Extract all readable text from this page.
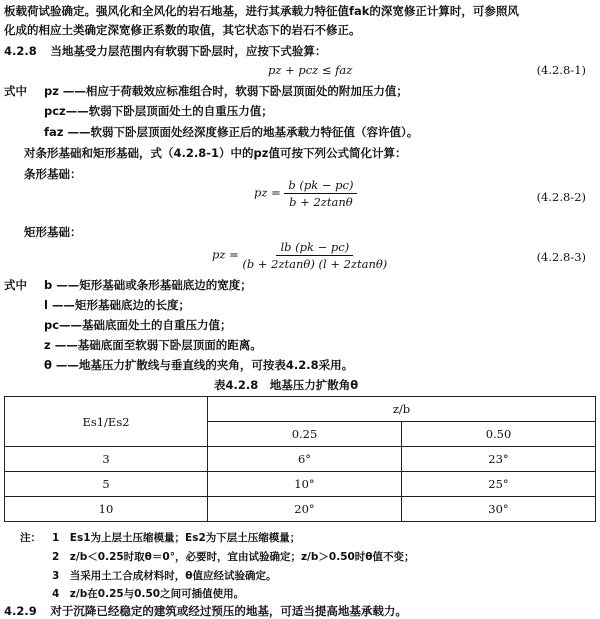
板载荷试验确定。强风化和全风化的岩石地基，进行其承载力特征值fak的深宽修正计算时，可参照风
化成的相应土类确定深宽修正系数的取值，其它状态下的岩石不修正。
4.2.8 当地基受力层范围内有软弱下卧层时，应按下式验算：
pz + pcz ≤ faz	(4.2.8-1)
式中 pz ——相应于荷载效应标准组合时，软弱下卧层顶面处的附加压力值；
pcz——软弱下卧层顶面处土的自重压力值；
faz ——软弱下卧层顶面处经深度修正后的地基承载力特征值（容许值）。
对条形基础和矩形基础，式（4.2.8-1）中的pz值可按下列公式简化计算：
条形基础：
pz = $\frac{b (pk - pc)}{b + 2ztan\theta}$	(4.2.8-2)
矩形基础：
pz = $\frac{lb (pk - pc)}{(b + 2ztan\theta) (l + 2ztan\theta)}$	(4.2.8-3)
式中 b ——矩形基础或条形基础底边的宽度；
l ——矩形基础底边的长度；
pc——基础底面处土的自重压力值；
z ——基础底面至软弱下卧层顶面的距离。
θ ——地基压力扩散线与垂直线的夹角，可按表4.2.8采用。
表4.2.8　地基压力扩散角θ
Es1/Es2	z/b	
	0.25	0.50
3	6°	23°
5	10°	25°
10	20°	30°
注： 1　Es1为上层土压缩模量；Es2为下层土压缩模量；
2　z/b＜0.25时取θ＝0°，必要时，宜由试验确定；z/b＞0.50时θ值不变；
3　当采用土工合成材料时，θ值应经试验确定。
4　z/b在0.25与0.50之间可插值使用。
4.2.9 对于沉降已经稳定的建筑或经过预压的地基，可适当提高地基承载力。
